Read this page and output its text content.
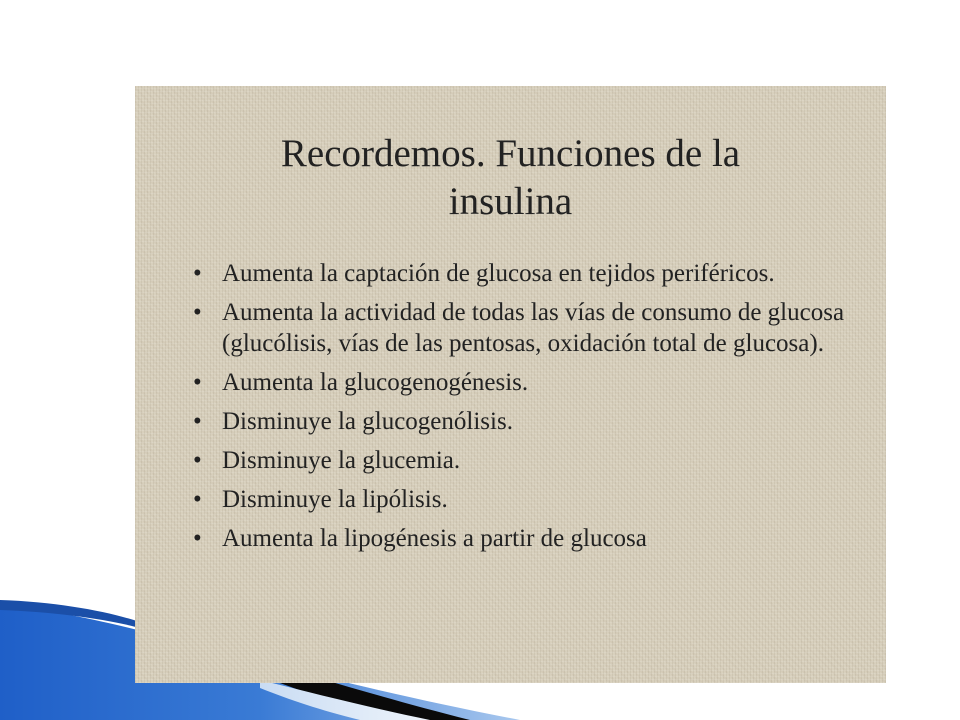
Recordemos. Funciones de la
insulina
• Aumenta la captación de glucosa en tejidos periféricos.
• Aumenta la actividad de todas las vías de consumo de glucosa (glucólisis, vías de las pentosas, oxidación total de glucosa).
• Aumenta la glucogenogénesis.
• Disminuye la glucogenólisis.
• Disminuye la glucemia.
• Disminuye la lipólisis.
• Aumenta la lipogénesis a partir de glucosa
